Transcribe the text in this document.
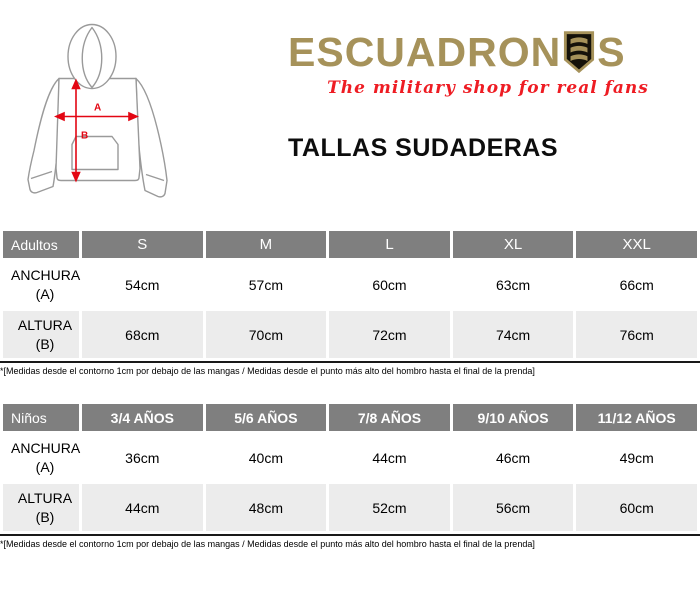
A
B
ESCUADRON S
The military shop for real fans
TALLAS SUDADERAS
Adultos	S	M	L	XL	XXL
ANCHURA
(A)	54cm	57cm	60cm	63cm	66cm
ALTURA
(B)	68cm	70cm	72cm	74cm	76cm

*[Medidas desde el contorno 1cm por debajo de las mangas / Medidas desde el punto más alto del hombro hasta el final de la prenda]

Niños	3/4 AÑOS	5/6 AÑOS	7/8 AÑOS	9/10 AÑOS	11/12 AÑOS
ANCHURA
(A)	36cm	40cm	44cm	46cm	49cm
ALTURA
(B)	44cm	48cm	52cm	56cm	60cm

*[Medidas desde el contorno 1cm por debajo de las mangas / Medidas desde el punto más alto del hombro hasta el final de la prenda]
